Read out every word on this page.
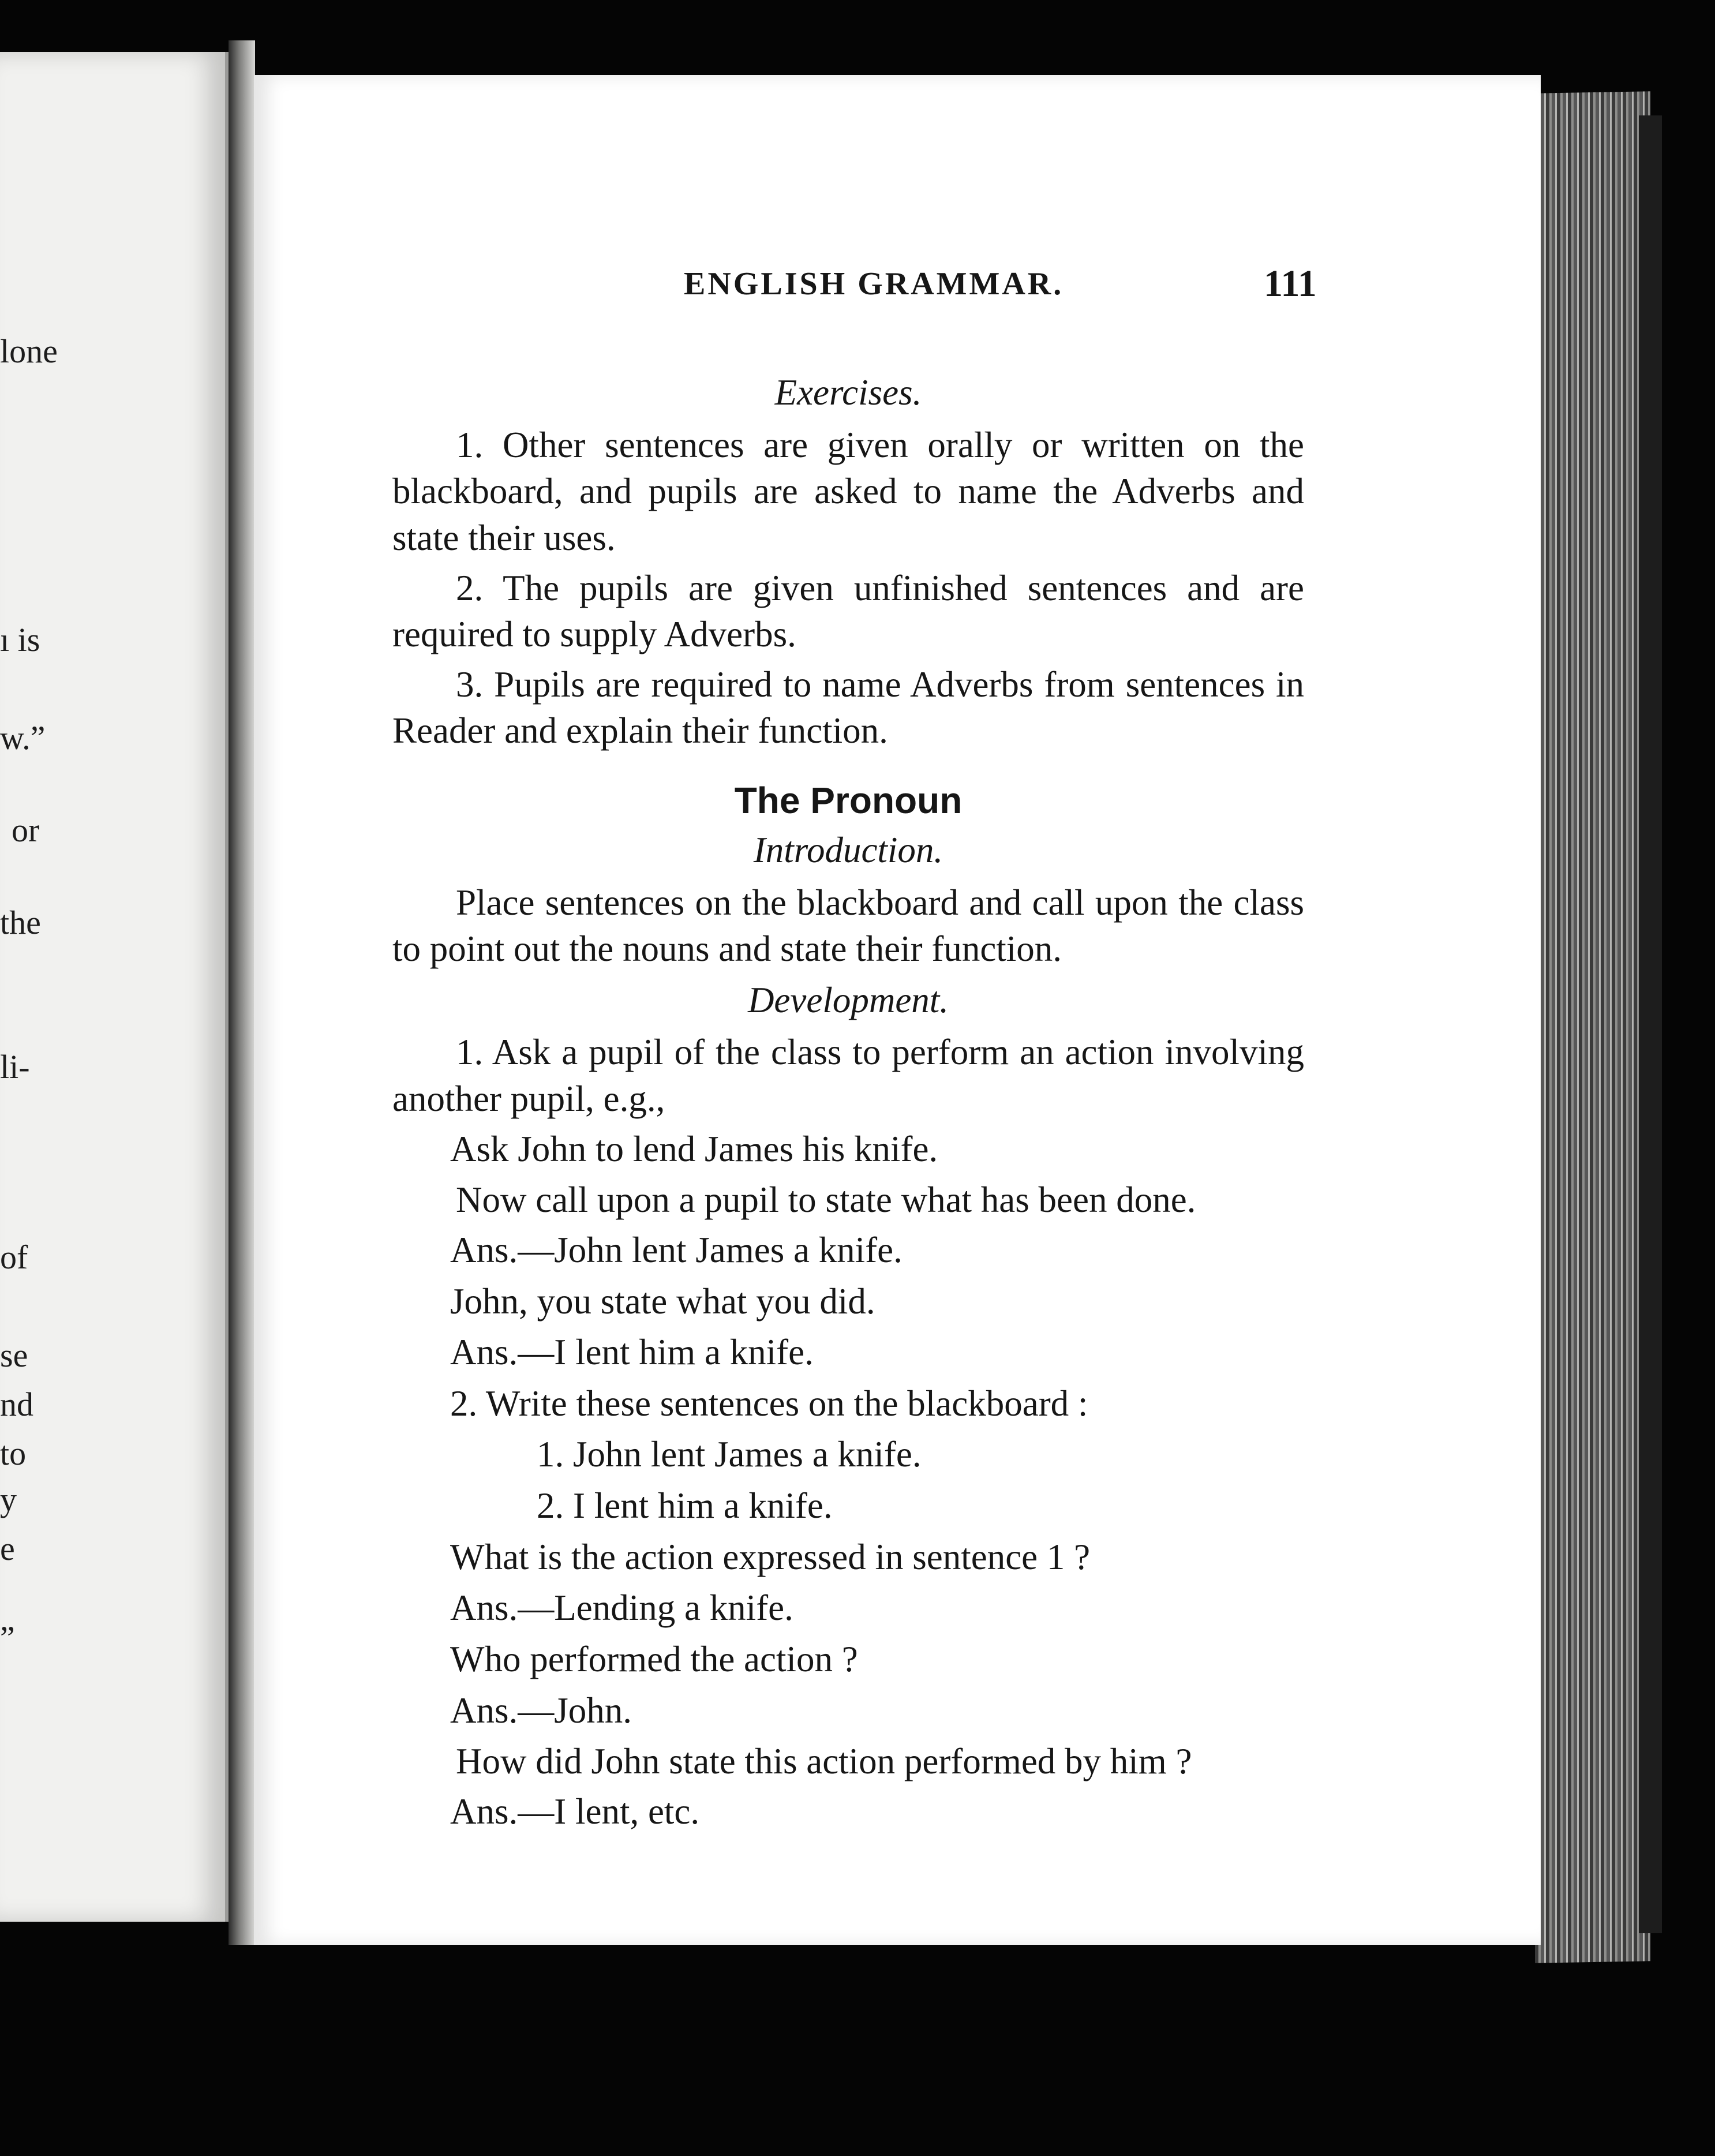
lone
ı is
w.”
or
the
li-
of
se
nd
to
y
e
”
ENGLISH GRAMMAR.	111
Exercises.

1. Other sentences are given orally or written on the blackboard, and pupils are asked to name the Adverbs and state their uses.

2. The pupils are given unfinished sentences and are required to supply Adverbs.

3. Pupils are required to name Adverbs from sentences in Reader and explain their function.

The Pronoun
Introduction.

Place sentences on the blackboard and call upon the class to point out the nouns and state their function.

Development.

1. Ask a pupil of the class to perform an action involving another pupil, e.g.,

Ask John to lend James his knife.

Now call upon a pupil to state what has been done.

Ans.—John lent James a knife.
John, you state what you did.
Ans.—I lent him a knife.
2. Write these sentences on the blackboard :
1. John lent James a knife.
2. I lent him a knife.
What is the action expressed in sentence 1 ?
Ans.—Lending a knife.
Who performed the action ?
Ans.—John.

How did John state this action performed by him ?

Ans.—I lent, etc.
